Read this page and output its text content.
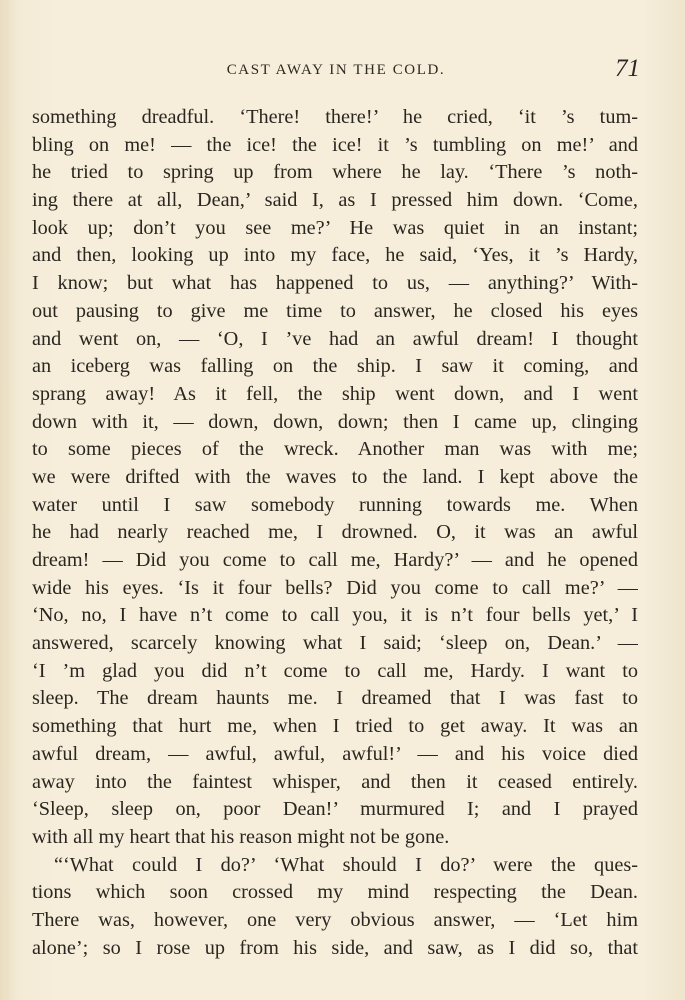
CAST AWAY IN THE COLD.	71
something dreadful. ‘There! there!’ he cried, ‘it ’s tum-
bling on me! — the ice! the ice! it ’s tumbling on me!’ and
he tried to spring up from where he lay. ‘There ’s noth-
ing there at all, Dean,’ said I, as I pressed him down. ‘Come,
look up; don’t you see me?’ He was quiet in an instant;
and then, looking up into my face, he said, ‘Yes, it ’s Hardy,
I know; but what has happened to us, — anything?’ With-
out pausing to give me time to answer, he closed his eyes
and went on, — ‘O, I ’ve had an awful dream! I thought
an iceberg was falling on the ship. I saw it coming, and
sprang away! As it fell, the ship went down, and I went
down with it, — down, down, down; then I came up, clinging
to some pieces of the wreck. Another man was with me;
we were drifted with the waves to the land. I kept above the
water until I saw somebody running towards me. When
he had nearly reached me, I drowned. O, it was an awful
dream! — Did you come to call me, Hardy?’ — and he opened
wide his eyes. ‘Is it four bells? Did you come to call me?’ —
‘No, no, I have n’t come to call you, it is n’t four bells yet,’ I
answered, scarcely knowing what I said; ‘sleep on, Dean.’ —
‘I ’m glad you did n’t come to call me, Hardy. I want to
sleep. The dream haunts me. I dreamed that I was fast to
something that hurt me, when I tried to get away. It was an
awful dream, — awful, awful, awful!’ — and his voice died
away into the faintest whisper, and then it ceased entirely.
‘Sleep, sleep on, poor Dean!’ murmured I; and I prayed
with all my heart that his reason might not be gone.
“‘What could I do?’ ‘What should I do?’ were the ques-
tions which soon crossed my mind respecting the Dean.
There was, however, one very obvious answer, — ‘Let him
alone’; so I rose up from his side, and saw, as I did so, that
